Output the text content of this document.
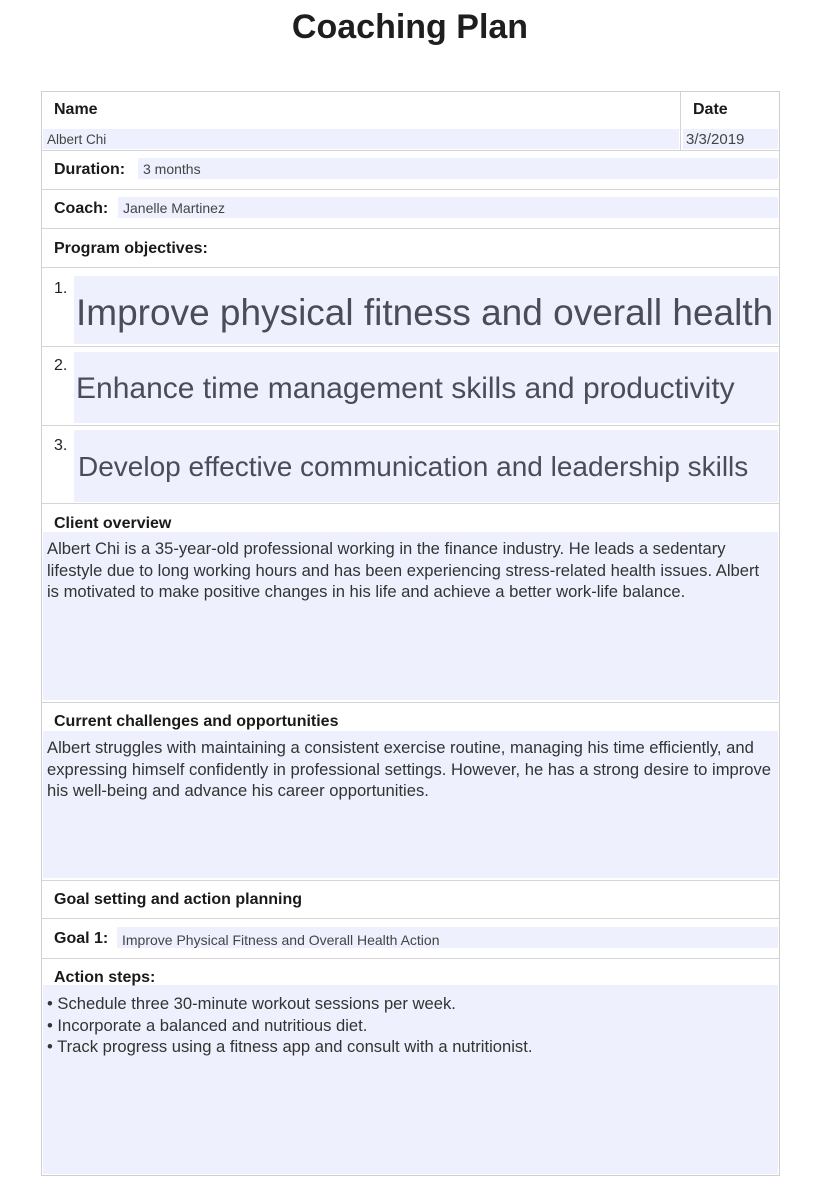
Coaching Plan
Name
Albert Chi
Date
3/3/2019
Duration: 3 months
Coach: Janelle Martinez
Program objectives:
1.
Improve physical fitness and overall health
2.
Enhance time management skills and productivity
3.
Develop effective communication and leadership skills
Client overview
Albert Chi is a 35-year-old professional working in the finance industry. He leads a sedentary lifestyle due to long working hours and has been experiencing stress-related health issues. Albert is motivated to make positive changes in his life and achieve a better work-life balance.
Current challenges and opportunities
Albert struggles with maintaining a consistent exercise routine, managing his time efficiently, and expressing himself confidently in professional settings. However, he has a strong desire to improve his well-being and advance his career opportunities.
Goal setting and action planning
Goal 1: Improve Physical Fitness and Overall Health Action
Action steps:
• Schedule three 30-minute workout sessions per week.
• Incorporate a balanced and nutritious diet.
• Track progress using a fitness app and consult with a nutritionist.
